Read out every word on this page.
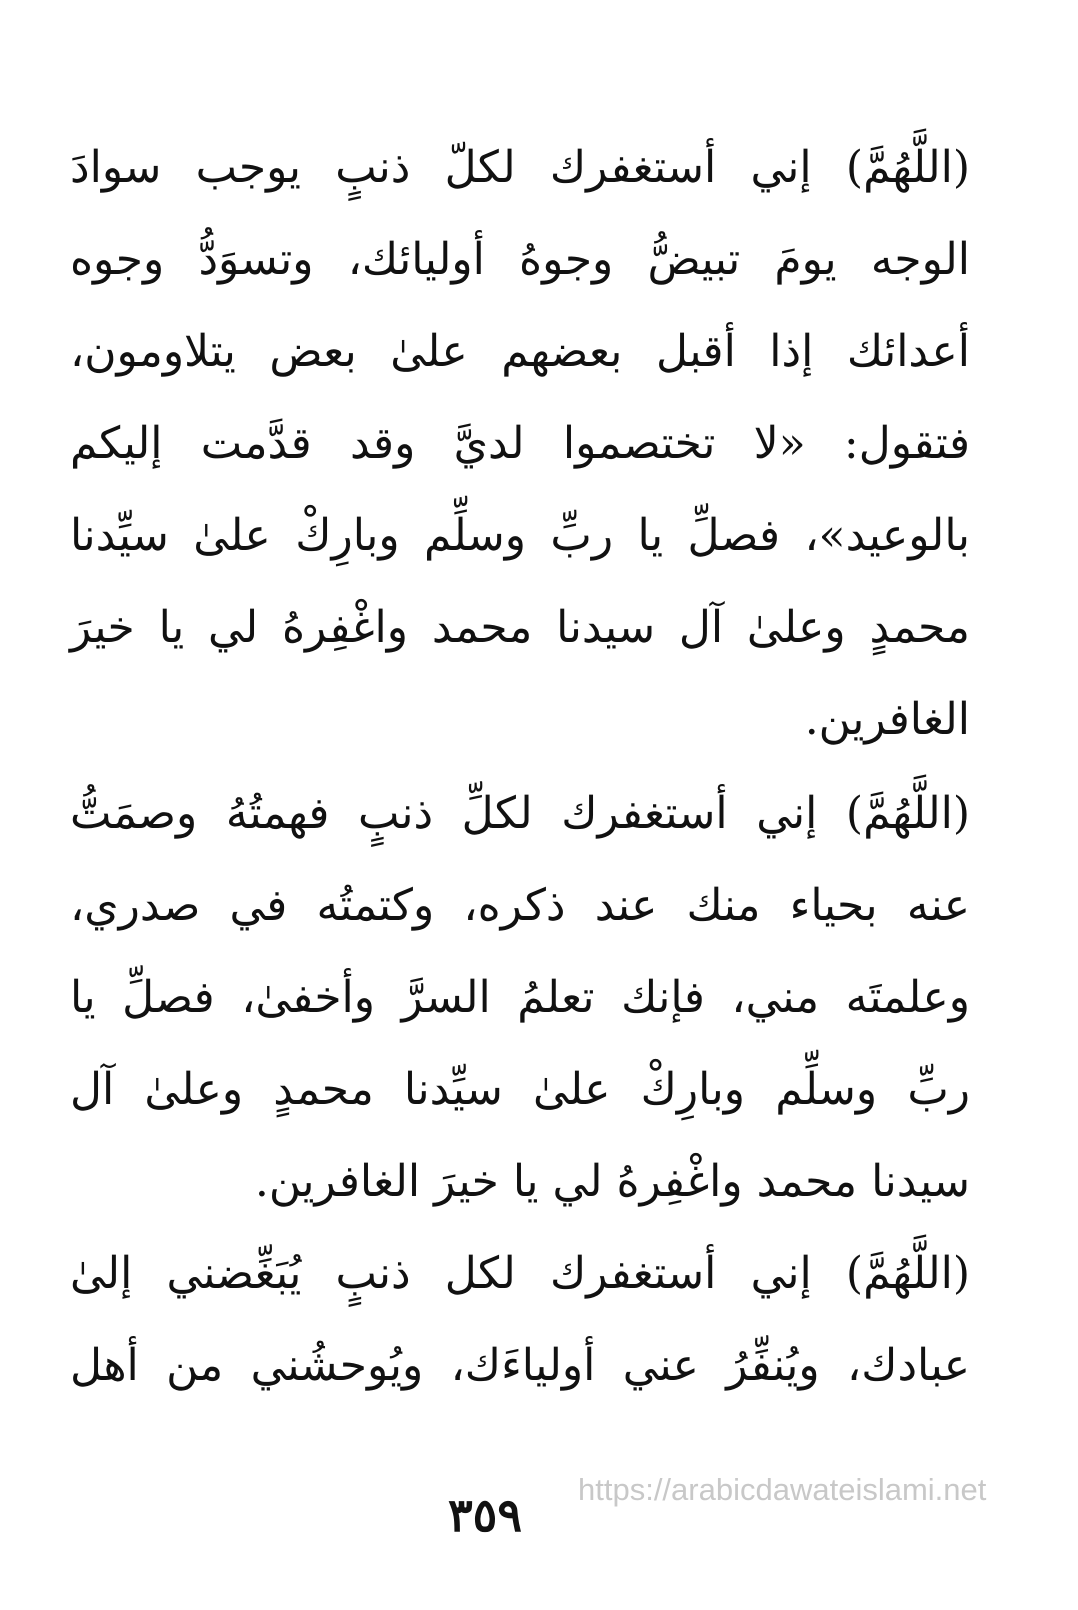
(اللَّهُمَّ) إني أستغفرك لكلّ ذنبٍ يوجب سوادَ
الوجه يومَ تبيضُّ وجوهُ أوليائك، وتسوَدُّ وجوه
أعدائك إذا أقبل بعضهم علىٰ بعض يتلاومون،
فتقول: «لا تختصموا لديَّ وقد قدَّمت إليكم
بالوعيد»، فصلِّ يا ربِّ وسلِّم وبارِكْ علىٰ سيِّدنا
محمدٍ وعلىٰ آل سيدنا محمد واغْفِرهُ لي يا خيرَ
الغافرين.
(اللَّهُمَّ) إني أستغفرك لكلِّ ذنبٍ فهمتُهُ وصمَتُّ
عنه بحياء منك عند ذكره، وكتمتُه في صدري،
وعلمتَه مني، فإنك تعلمُ السرَّ وأخفىٰ، فصلِّ يا
ربِّ وسلِّم وبارِكْ علىٰ سيِّدنا محمدٍ وعلىٰ آل
سيدنا محمد واغْفِرهُ لي يا خيرَ الغافرين.
(اللَّهُمَّ) إني أستغفرك لكل ذنبٍ يُبَغِّضني إلىٰ
عبادك، ويُنفِّرُ عني أولياءَك، ويُوحشُني من أهل
٣٥٩	https://arabicdawateislami.net
